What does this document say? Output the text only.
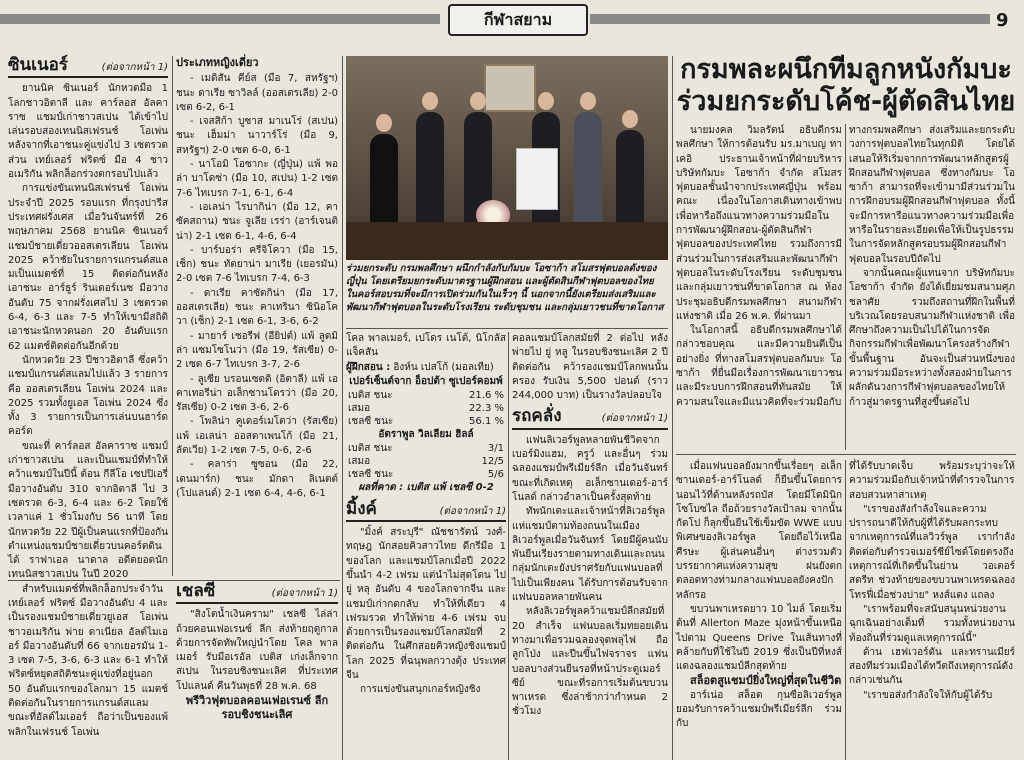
กีฬาสยาม	9
ซินเนอร์	(ต่อจากหน้า 1)

ยานนิค ซินเนอร์ นักหวดมือ 1 โลกชาวอิตาลี และ คาร์ลอส อัลคาราซ แชมป์เก่าชาวสเปน ได้เข้าไปเล่นรอบสองเทนนิสเฟรนช์ โอเพ่น หลังจากที่เอาชนะคู่แข่งไป 3 เซตรวด ส่วน เทย์เลอร์ ฟริตซ์ มือ 4 ชาวอเมริกัน พลิกล็อกร่วงตกรอบไปแล้ว

การแข่งขันเทนนิสเฟรนช์ โอเพ่น ประจำปี 2025 รอบแรก ที่กรุงปารีส ประเทศฝรั่งเศส เมื่อวันจันทร์ที่ 26 พฤษภาคม 2568 ยานนิค ซินเนอร์ แชมป์ชายเดี่ยวออสเตรเลียน โอเพ่น 2025 คว้าชัยในรายการแกรนด์สแลมเป็นแมตช์ที่ 15 ติดต่อกันหลังเอาชนะ อาร์ธูร์ รินเดอร์เนซ มือวางอันดับ 75 จากฝรั่งเศสไป 3 เซตรวด 6-4, 6-3 และ 7-5 ทำให้เขามีสถิติเอาชนะนักหวดนอก 20 อันดับแรก 62 แมตช์ติดต่อกันอีกด้วย

นักหวดวัย 23 ปีชาวอิตาลี ซึ่งคว้าแชมป์แกรนด์สแลมไปแล้ว 3 รายการ คือ ออสเตรเลียน โอเพ่น 2024 และ 2025 รวมทั้งยูเอส โอเพ่น 2024 ซึ่งทั้ง 3 รายการเป็นการเล่นบนฮาร์ดคอร์ต

ขณะที่ คาร์ลอส อัลคาราซ แชมป์เก่าชาวสเปน และเป็นแชมป์ที่ทำให้คว้าแชมป์ในปีนี้ ต้อน กีลีโอ เซปปิเอรี่ มือวางอันดับ 310 จากอิตาลี ไป 3 เซตรวด 6-3, 6-4 และ 6-2 โดยใช้เวลาแค่ 1 ชั่วโมงกับ 56 นาที โดยนักหวดวัย 22 ปีผู้เป็นคนแรกที่ป้องกันตำแหน่งแชมป์ชายเดี่ยวบนคอร์ตดินได้ ราฟาเอล นาดาล อดีตยอดนักเทนนิสชาวสเปน ในปี 2020

สำหรับแมตช์ที่พลิกล็อกประจำวัน เทย์เลอร์ ฟริตซ์ มือวางอันดับ 4 และเป็นรองแชมป์ชายเดี่ยวยูเอส โอเพ่น ชาวอเมริกัน พ่าย ดาเนียล อัลต์ไมเออร์ มือวางอันดับที่ 66 จากเยอรมัน 1-3 เซต 7-5, 3-6, 6-3 และ 6-1 ทำให้ฟริตซ์หยุดสถิติชนะคู่แข่งที่อยู่นอก 50 อันดับแรกของโลกมา 15 แมตช์ติดต่อกันในรายการแกรนด์สแลม ขณะที่อัลต์ไมเออร์ ถือว่าเป็นของแพ้พลิกในเฟรนช์ โอเพ่น

ประเภทหญิงเดี่ยว

- เมดิสัน คีย์ส (มือ 7, สหรัฐฯ) ชนะ ดาเรีย ซาวิลล์ (ออสเตรเลีย) 2-0 เซต 6-2, 6-1

- เจสสิก้า บูซาส มาเนโร่ (สเปน) ชนะ เฮ็มม่า นาวาร์โร่ (มือ 9, สหรัฐฯ) 2-0 เซต 6-0, 6-1

- นาโอมิ โอซากะ (ญี่ปุ่น) แพ้ พอล่า บาโดซ่า (มือ 10, สเปน) 1-2 เซต 7-6 ไทเบรก 7-1, 6-1, 6-4

- เอเลน่า ไรบากิน่า (มือ 12, คาซัคสถาน) ชนะ จูเลีย เรร่า (อาร์เจนติน่า) 2-1 เซต 6-1, 4-6, 6-4

- บาร์บอร่า ครีจิโควา (มือ 15, เช็ก) ชนะ ทัตยาน่า มาเรีย (เยอรมัน) 2-0 เซต 7-6 ไทเบรก 7-4, 6-3

- ดาเรีย คาซัตกิน่า (มือ 17, ออสเตรเลีย) ชนะ คาเทรินา ซินิอโควา (เช็ก) 2-1 เซต 6-1, 3-6, 6-2

- มายาร์ เชอรีฟ (อียิปต์) แพ้ ลูดมิล่า แซมโซโนว่า (มือ 19, รัสเซีย) 0-2 เซต 6-7 ไทเบรก 3-7, 2-6

- ลูเซีย บรอนเซตติ (อิตาลี) แพ้ เอคาเทอรีน่า อเล็กซานโดรว่า (มือ 20, รัสเซีย) 0-2 เซต 3-6, 2-6

- โพลิน่า คูเดอร์เมโตว่า (รัสเซีย) แพ้ เอเลน่า ออสตาเพนโก้ (มือ 21, ลัตเวีย) 1-2 เซต 7-5, 0-6, 2-6

- คลาร่า ซูซอน (มือ 22, เดนมาร์ก) ชนะ มักดา ลิเนตต์ (โปแลนด์) 2-1 เซต 6-4, 4-6, 6-1

เชลซี	(ต่อจากหน้า 1)

"สิงโตน้ำเงินคราม" เชลซี ไล่ล่าถ้วยคอนเฟอเรนซ์ ลีก ส่งท้ายฤดูกาล ด้วยการจัดทัพใหญ่นำโดย โคล พาลเมอร์ รับมือเรอัล เบติส เก่งเล็กจากสเปน ในรอบชิงชนะเลิศ ที่ประเทศโปแลนด์ คืนวันพุธที่ 28 พ.ค. 68

พรีวิวฟุตบอลคอนเฟอเรนซ์ ลีก
รอบชิงชนะเลิศ
ร่วมยกระดับ กรมพลศึกษา ผนึกกำลังกับกัมบะ โอซาก้า สโมสรฟุตบอลดังของญี่ปุ่น โดยเตรียมยกระดับมาตรฐานผู้ฝึกสอน และผู้ตัดสินกีฬาฟุตบอลของไทย ในคอร์สอบรมที่จะมีการเปิดร่วมกันในเร็วๆ นี้ นอกจากนี้ยังเตรียมส่งเสริมและพัฒนากีฬาฟุตบอลในระดับโรงเรียน ระดับชุมชน และกลุ่มเยาวชนที่ขาดโอกาส

โคล พาลเมอร์, เปโดร เนโต้, นิโกลัส แจ็คสัน

ผู้ฝึกสอน : อิงห์น เปสโก้ (มอลเทีย)

เปอร์เซ็นต์จาก อ็อปต้า ซูเปอร์คอมพ์
เบติส ชนะ	21.6 %
เสมอ	22.3 %
เชลซี ชนะ	56.1 %
อัตราพูล วิลเลียม ฮิลล์
เบติส ชนะ	3/1
เสมอ	12/5
เชลซี ชนะ	5/6
ผลที่คาด : เบติส แพ้ เชลซี 0-2
มิ้งค์	(ต่อจากหน้า 1)

"มิ้งค์ สระบุรี" ณัชชารัตน์ วงศ์-ทฤษฎ นักสอยคิวสาวไทย ดีกรีมือ 1 ของโลก และแชมป์โลกเมื่อปี 2022 ขึ้นนำ 4-2 เฟรม แต่นำไม่สุดโดน ไป ยู่ หลุ อันดับ 4 ของโลกจากจีน และแชมป์เก่ากดกลับ ทำให้ที่เดียว 4 เฟรมรวด ทำให้พ่าย 4-6 เฟรม จบด้วยการเป็นรองแชมป์โลกสมัยที่ 2 ติดต่อกัน ในศึกสอยคิวหญิงชิงแชมป์โลก 2025 ที่ฉนุพลกวางตุ้ง ประเทศจีน

การแข่งขันสนุกเกอร์หญิงชิง

คอลแชมป์โลกสมัยที่ 2 ต่อไป หลังพ่ายไป ยู่ หลู ในรอบชิงชนะเลิศ 2 ปีติดต่อกัน คว้ารองแชมป์โลกพนนั้นครอง รับเงิน 5,500 ปอนด์ (ราว 244,000 บาท) เป็นรางวัลปลอบใจ

รถคลั่ง	(ต่อจากหน้า 1)

แฟนลิเวอร์พูลหลายพันชีวิตจากเบอร์มิงแฮม, ครูว์ และอื่นๆ ร่วมฉลองแชมป์พรีเมียร์ลีก เมื่อวันจันทร์ ขณะที่เกิดเหตุ อเล็กซานเดอร์-อาร์โนลด์ กล่าวอำลาเป็นครั้งสุดท้าย

ทัพนักเตะและเจ้าหน้าที่ลิเวอร์พูลแห่แชมป์ตามท้องถนนในเมืองลิเวอร์พูลเมื่อวันจันทร์ โดยมีผู้คนนับพันยืนเรียงรายตามทางเดินและถนน กลุ่มนักเตะยังปราศรัยกับแฟนบอลที่ไปเป็นเพียงคน ได้รับการต้อนรับจากแฟนบอลหลายพันคน

หลังลิเวอร์พูลคว้าแชมป์ลีกสมัยที่ 20 สำเร็จ แฟนบอลเริ่มทยอยเดินทางมาเพื่อรวมฉลองจุดพลุไฟ ถือลูกโป่ง และปีนขึ้นไฟจราจร แฟนบอลบางส่วนยืนรอที่หน้าประตูเมอร์ซีย์ ขณะที่รอการเริ่มต้นขบวนพาเหรด ซึ่งล่าช้ากว่ากำหนด 2 ชั่วโมง

กรมพละผนึกทีมลูกหนังกัมบะ ร่วมยกระดับโค้ช-ผู้ตัดสินไทย

นายมงคล วิมลรัตน์ อธิบดีกรมพลศึกษา ให้การต้อนรับ มร.มาเบญ ทาเคอิ ประธานเจ้าหน้าที่ฝ่ายบริหาร บริษัทกัมบะ โอซาก้า จำกัด สโมสรฟุตบอลชั้นนำจากประเทศญี่ปุ่น พร้อมคณะ เนื่องในโอกาสเดินทางเข้าพบ เพื่อหารือถึงแนวทางความร่วมมือในการพัฒนาผู้ฝึกสอน-ผู้ตัดสินกีฬาฟุตบอลของประเทศไทย รวมถึงการมีส่วนร่วมในการส่งเสริมและพัฒนากีฬาฟุตบอลในระดับโรงเรียน ระดับชุมชน และกลุ่มเยาวชนที่ขาดโอกาส ณ ห้องประชุมอธิบดีกรมพลศึกษา สนามกีฬาแห่งชาติ เมื่อ 26 พ.ค. ที่ผ่านมา

ในโอกาสนี้ อธิบดีกรมพลศึกษาได้กล่าวชอบคุณ และมีความยินดีเป็นอย่างยิ่ง ที่ทางสโมสรฟุตบอลกัมบะ โอซาก้า ที่ยื่นมือเรื่องการพัฒนาเยาวชนและมีระบบการฝึกสอนที่ทันสมัย ให้ความสนใจและมีแนวคิดที่จะร่วมมือกับ

ทางกรมพลศึกษา ส่งเสริมและยกระดับวงการฟุตบอลไทยในทุกมิติ โดยได้เสนอให้ริเริ่มจากการพัฒนาหลักสูตรผู้ฝึกสอนกีฬาฟุตบอล ซึ่งทางกัมบะ โอซาก้า สามารถที่จะเข้ามามีส่วนร่วมในการฝึกอบรมผู้ฝึกสอนกีฬาฟุตบอล ทั้งนี้จะมีการหารือแนวทางความร่วมมือเพื่อหารือในรายละเอียดเพื่อให้เป็นรูปธรรมในการจัดหลักสูตรอบรมผู้ฝึกสอนกีฬาฟุตบอลในรอบปีถัดไป

จากนั้นคณะผู้แทนจาก บริษัทกัมบะ โอซาก้า จำกัด ยังได้เยี่ยมชมสนามศุภชลาศัย รวมถึงสถานที่ฝึกในพื้นที่บริเวณโดยรอบสนามกีฬาแห่งชาติ เพื่อศึกษาถึงความเป็นไปได้ในการจัดกิจกรรมกีฬาเพื่อพัฒนาโครงสร้างกีฬาขั้นพื้นฐาน อันจะเป็นส่วนหนึ่งของความร่วมมือระหว่างทั้งสองฝ่ายในการผลักดันวงการกีฬาฟุตบอลของไทยให้ก้าวสู่มาตรฐานที่สูงขึ้นต่อไป

เมื่อแฟนบอลยังมากขึ้นเรื่อยๆ อเล็กซานเดอร์-อาร์โนลด์ ก็ยืนขึ้นโดยการนอนไว้ที่ด้านหลังรถบัส โดยมีโดมินิก โซโบซไล ถือถ้วยรางวัลเป้าลม จากนั้น กัดโป ก็ลุกขึ้นยืนใช้เข็มขัด WWE แบบพิเศษของลิเวอร์พูล โดยถือไว้เหนือศีรษะ ผู้เล่นคนอื่นๆ ต่างรวมตัวบรรยากาศแห่งความสุข ฝนยังตกตลอดทางท่ามกลางแฟนบอลยังคงปักหลักรอ

ขบวนพาเหรดยาว 10 ไมล์ โดยเริ่มต้นที่ Allerton Maze มุ่งหน้าขึ้นเหนือไปตาม Queens Drive ในเส้นทางที่คล้ายกับที่ใช้ในปี 2019 ซึ่งเป็นปีที่หงส์แดงฉลองแชมป์ลีกสุดท้าย

สล็อตสูแชมป์ยิ่งใหญ่ที่สุดในชีวิต

อาร์เน่อ สล็อต กุนซือลิเวอร์พูล ยอมรับการคว้าแชมป์พรีเมียร์ลีก ร่วมกับ

ที่ได้รับบาดเจ็บ พร้อมระบุว่าจะให้ความร่วมมือกับเจ้าหน้าที่ตำรวจในการสอบสวนหาสาเหตุ

"เราของสังกำลังใจและความปรารถนาดีให้กับผู้ที่ได้รับผลกระทบจากเหตุการณ์ที่แลวิวร์พูล เรากำลังติดต่อกับตำรวจเมอร์ซีย์ไซด์โดยตรงถึงเหตุการณ์ที่เกิดขึ้นในย่าน วอเตอร์ สตรีท ช่วงท้ายของขบวนพาเหรดฉลองโทรฟี่เมื่อช่วงบ่าย" หงส์แดง แถลง

"เราพร้อมที่จะสนับสนุนหน่วยงานฉุกเฉินอย่างเต็มที่ รวมทั้งหน่วยงานท้องถิ่นที่ร่วมดูแลเหตุการณ์นี้"

ด้าน เฮฟเวอร์ตัน และทรานเมียร์ สองทีมร่วมเมืองได้ทวีตถึงเหตุการณ์ดังกล่าวเช่นกัน

"เราขอส่งกำลังใจให้กับผู้ได้รับ
